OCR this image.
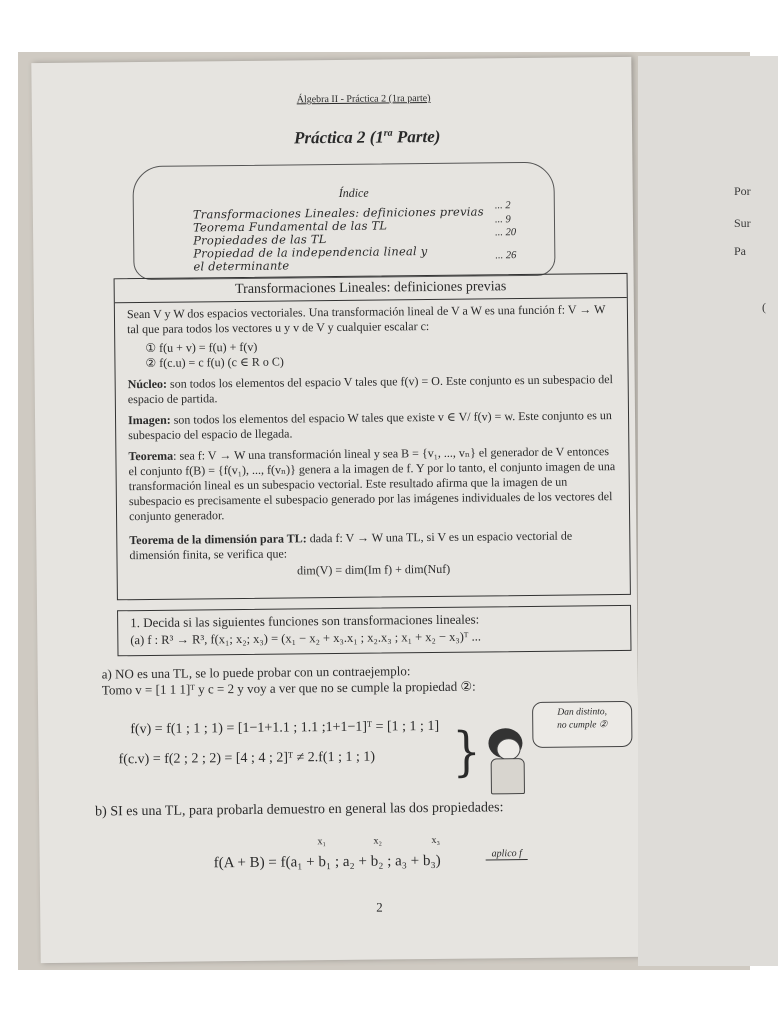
Álgebra II - Práctica 2 (1ra parte)
Práctica 2 ($1^{ra}$ Parte)
Índice
Transformaciones Lineales: definiciones previas ... 2
Teorema Fundamental de las TL	... 9
Propiedades de las TL	... 20
Propiedad de la independencia lineal y
el determinante
... 26
Transformaciones Lineales: definiciones previas
Sean V y W dos espacios vectoriales. Una transformación lineal de V a W es una función f: V → W tal que para todos los vectores u y v de V y cualquier escalar c:
① f(u + v) = f(u) + f(v)
② f(c.u) = c f(u) (c ∈ R o C)
Núcleo: son todos los elementos del espacio V tales que f(v) = O. Este conjunto es un subespacio del espacio de partida.
Imagen: son todos los elementos del espacio W tales que existe v ∈ V/ f(v) = w. Este conjunto es un subespacio del espacio de llegada.
Teorema: sea f: V → W una transformación lineal y sea B = {v₁, ..., vₙ} el generador de V entonces el conjunto f(B) = {f(v₁), ..., f(vₙ)} genera a la imagen de f. Y por lo tanto, el conjunto imagen de una transformación lineal es un subespacio vectorial. Este resultado afirma que la imagen de un subespacio es precisamente el subespacio generado por las imágenes individuales de los vectores del conjunto generador.
Teorema de la dimensión para TL: dada f: V → W una TL, si V es un espacio vectorial de dimensión finita, se verifica que:
dim(V) = dim(Im f) + dim(Nuf)
1. Decida si las siguientes funciones son transformaciones lineales:
(a) f : R³ → R³, f(x₁; x₂; x₃) = (x₁ − x₂ + x₃.x₁ ; x₂.x₃ ; x₁ + x₂ − x₃)ᵀ ...
a) NO es una TL, se lo puede probar con un contraejemplo:
Tomo v = [1 1 1]ᵀ y c = 2 y voy a ver que no se cumple la propiedad ②:
f(v) = f(1 ; 1 ; 1) = [1−1+1.1 ; 1.1 ;1+1−1]ᵀ = [1 ; 1 ; 1]
f(c.v) = f(2 ; 2 ; 2) = [4 ; 4 ; 2]ᵀ ≠ 2.f(1 ; 1 ; 1) }
Dan distinto,
no cumple ②
b) SI es una TL, para probarla demuestro en general las dos propiedades:
x₁	x₂	x₃
f(A + B) = f(a₁ + b₁ ; a₂ + b₂ ; a₃ + b₃)	aplico f
2
Por
Sur
Pa
(
